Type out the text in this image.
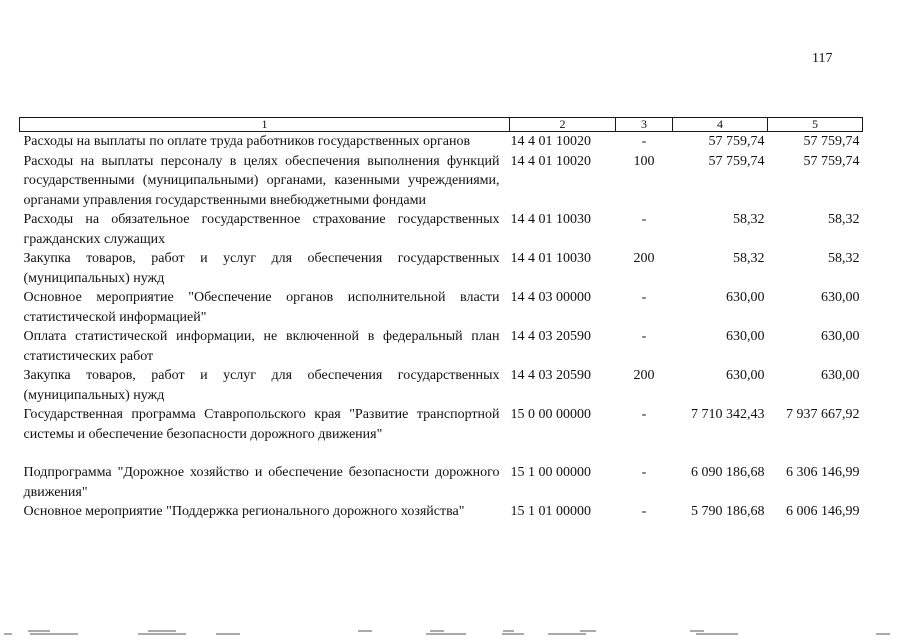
117
1	2	3	4	5
Расходы на выплаты по оплате труда работников государственных органов	14 4 01 10020	-	57 759,74	57 759,74
Расходы на выплаты персоналу в целях обеспечения выполнения функций государственными (муниципальными) органами, казенными учреждениями, органами управления государственными внебюджетными фондами	14 4 01 10020	100	57 759,74	57 759,74
Расходы на обязательное государственное страхование государственных гражданских служащих	14 4 01 10030	-	58,32	58,32
Закупка товаров, работ и услуг для обеспечения государственных (муниципальных) нужд	14 4 01 10030	200	58,32	58,32
Основное мероприятие "Обеспечение органов исполнительной власти статистической информацией"	14 4 03 00000	-	630,00	630,00
Оплата статистической информации, не включенной в федеральный план статистических работ	14 4 03 20590	-	630,00	630,00
Закупка товаров, работ и услуг для обеспечения государственных (муниципальных) нужд	14 4 03 20590	200	630,00	630,00
Государственная программа Ставропольского края "Развитие транспортной системы и обеспечение безопасности дорожного движения"	15 0 00 00000	-	7 710 342,43	7 937 667,92
Подпрограмма "Дорожное хозяйство и обеспечение безопасности дорожного движения"	15 1 00 00000	-	6 090 186,68	6 306 146,99
Основное мероприятие "Поддержка регионального дорожного хозяйства"	15 1 01 00000	-	5 790 186,68	6 006 146,99
